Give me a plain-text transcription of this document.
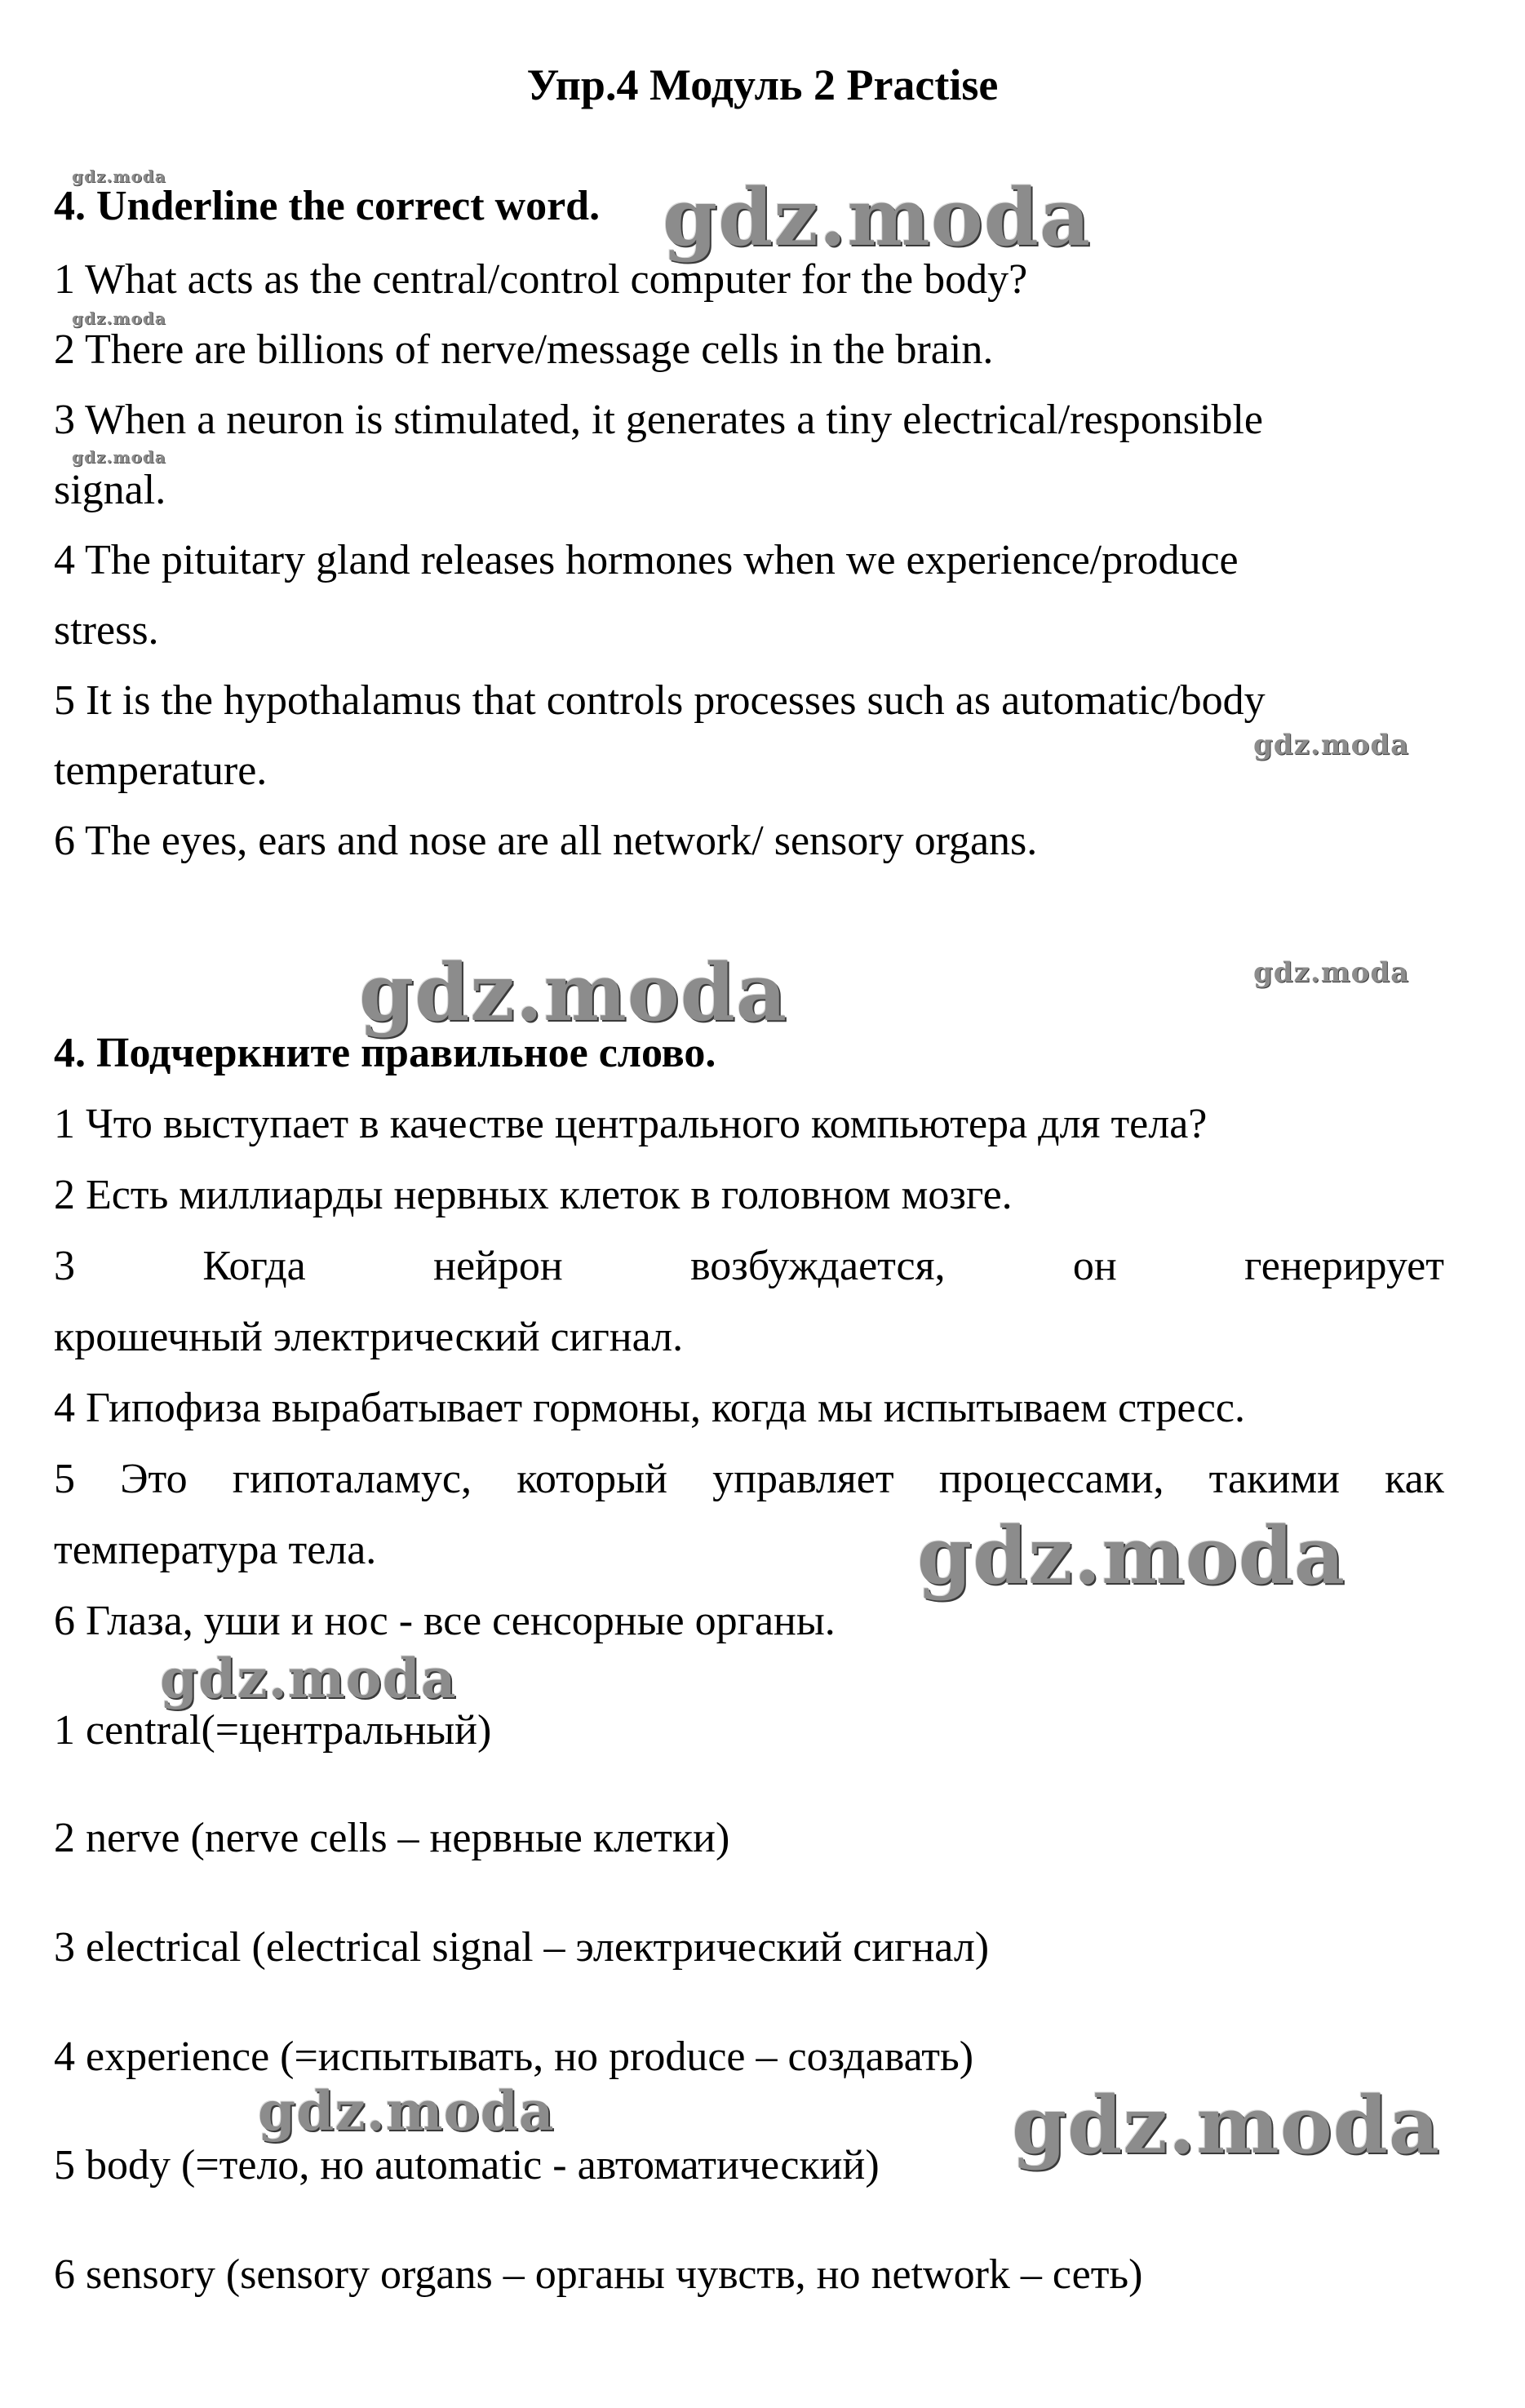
Упр.4 Модуль 2 Practise
4. Underline the correct word.
1 What acts as the central/control computer for the body?
2 There are billions of nerve/message cells in the brain.
3 When a neuron is stimulated, it generates a tiny electrical/responsible
signal.
4 The pituitary gland releases hormones when we experience/produce
stress.
5 It is the hypothalamus that controls processes such as automatic/body
temperature.
6 The eyes, ears and nose are all network/ sensory organs.
4. Подчеркните правильное слово.
1 Что выступает в качестве центрального компьютера для тела?
2 Есть миллиарды нервных клеток в головном мозге.
3	Когда	нейрон	возбуждается,	он	генерирует
крошечный электрический сигнал.
4 Гипофиза вырабатывает гормоны, когда мы испытываем стресс.
5 Это гипоталамус, который управляет процессами, такими как
температура тела.
6 Глаза, уши и нос - все сенсорные органы.
1 central(=центральный)
2 nerve (nerve cells – нервные клетки)
3 electrical (electrical signal – электрический сигнал)
4 experience (=испытывать, но produce – создавать)
5 body (=тело, но automatic - автоматический)
6 sensory (sensory organs – органы чувств, но network – сеть)
gdz.moda	gdz.moda
gdz.moda
gdz.moda
gdz.moda
gdz.moda	gdz.moda
gdz.moda
gdz.moda
gdz.moda	gdz.moda
